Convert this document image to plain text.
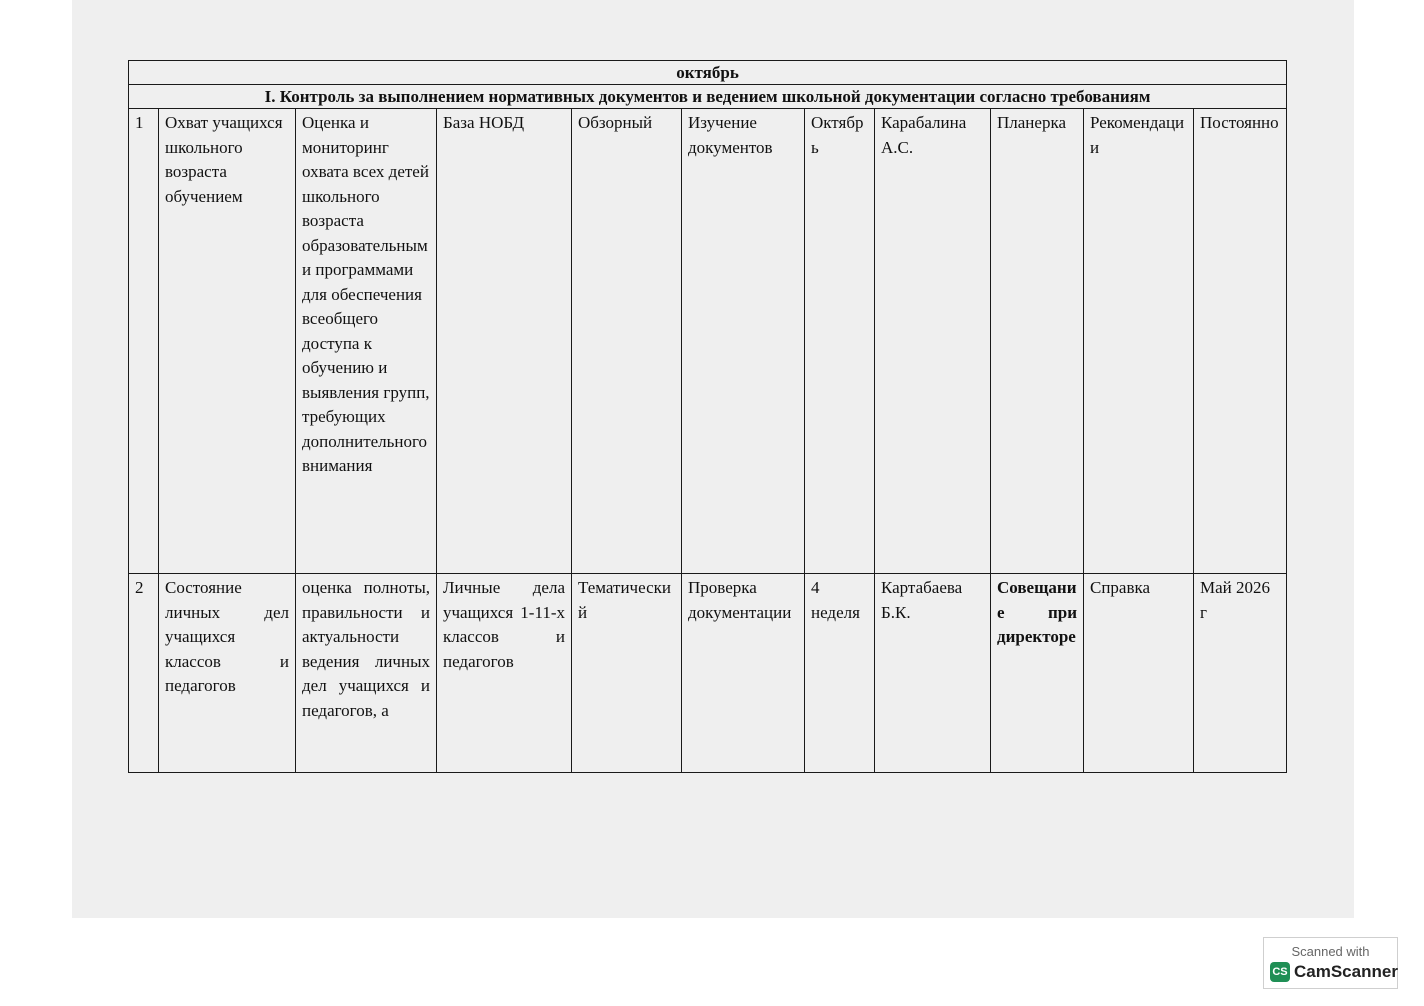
октябрь										
I. Контроль за выполнением нормативных документов и ведением школьной документации согласно требованиям										
1	Охват учащихся школьного возраста обучением	Оценка и мониторинг охвата всех детей школьного возраста образовательными программами для обеспечения всеобщего доступа к обучению и выявления групп, требующих дополнительного внимания	База НОБД	Обзорный	Изучение документов	Октябрь	Карабалина А.С.	Планерка	Рекомендации	Постоянно
2	Состояние личных дел учащихся классов и педагогов	оценка полноты, правильности и актуальности ведения личных дел учащихся и педагогов, а	Личные дела учащихся 1-11-х классов и педагогов	Тематический	Проверка документации	4 неделя	Картабаева Б.К.	Совещание при директоре	Справка	Май 2026 г
Scanned with
CS CamScanner
